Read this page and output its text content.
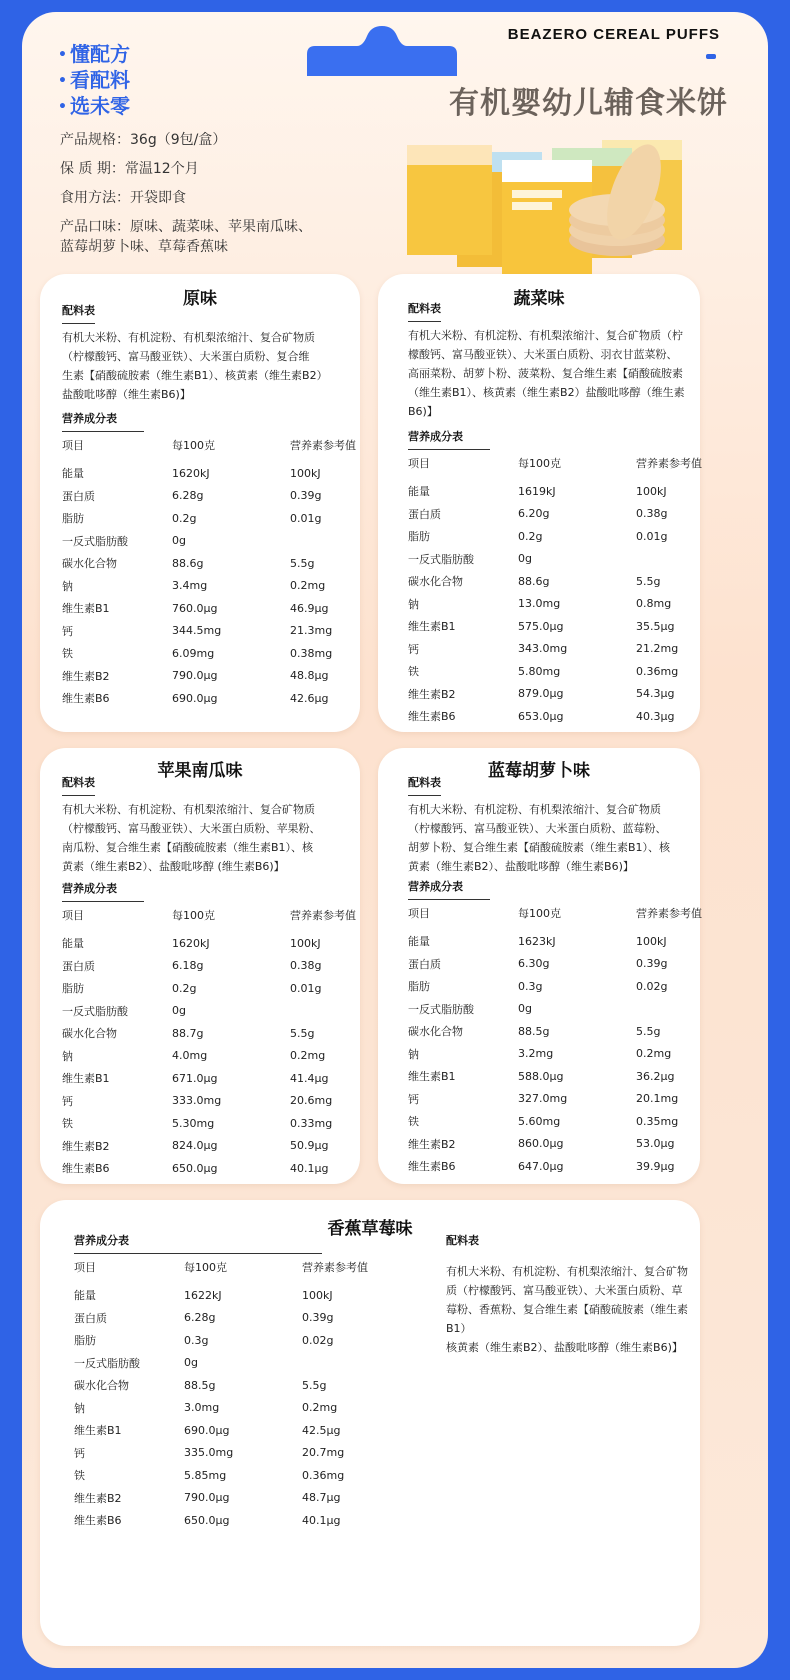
BEAZERO CEREAL PUFFS
• 懂配方
• 看配料
• 选未零	有机婴幼儿辅食米饼
产品规格：36g（9包/盒）
保 质 期：常温12个月
食用方法：开袋即食
产品口味：原味、蔬菜味、苹果南瓜味、
蓝莓胡萝卜味、草莓香蕉味
原味
配料表
有机大米粉、有机淀粉、有机梨浓缩汁、复合矿物质
（柠檬酸钙、富马酸亚铁）、大米蛋白质粉、复合维
生素【硝酸硫胺素（维生素B1）、核黄素（维生素B2）
盐酸吡哆醇（维生素B6)】
营养成分表
项目	每100克	营养素参考值
能量	1620kJ	100kJ
蛋白质	6.28g	0.39g
脂肪	0.2g	0.01g
一反式脂肪酸	0g
碳水化合物	88.6g	5.5g
钠	3.4mg	0.2mg
维生素B1	760.0µg	46.9µg
钙	344.5mg	21.3mg
铁	6.09mg	0.38mg
维生素B2	790.0µg	48.8µg
维生素B6	690.0µg	42.6µg
蔬菜味
配料表
有机大米粉、有机淀粉、有机梨浓缩汁、复合矿物质（柠
檬酸钙、富马酸亚铁）、大米蛋白质粉、羽衣甘蓝菜粉、
高丽菜粉、胡萝卜粉、菠菜粉、复合维生素【硝酸硫胺素
（维生素B1）、核黄素（维生素B2）盐酸吡哆醇（维生素
B6)】
营养成分表
项目	每100克	营养素参考值
能量	1619kJ	100kJ
蛋白质	6.20g	0.38g
脂肪	0.2g	0.01g
一反式脂肪酸	0g
碳水化合物	88.6g	5.5g
钠	13.0mg	0.8mg
维生素B1	575.0µg	35.5µg
钙	343.0mg	21.2mg
铁	5.80mg	0.36mg
维生素B2	879.0µg	54.3µg
维生素B6	653.0µg	40.3µg
苹果南瓜味
配料表
有机大米粉、有机淀粉、有机梨浓缩汁、复合矿物质
（柠檬酸钙、富马酸亚铁）、大米蛋白质粉、苹果粉、
南瓜粉、复合维生素【硝酸硫胺素（维生素B1）、核
黄素（维生素B2）、盐酸吡哆醇 (维生素B6)】
营养成分表
项目	每100克	营养素参考值
能量	1620kJ	100kJ
蛋白质	6.18g	0.38g
脂肪	0.2g	0.01g
一反式脂肪酸	0g
碳水化合物	88.7g	5.5g
钠	4.0mg	0.2mg
维生素B1	671.0µg	41.4µg
钙	333.0mg	20.6mg
铁	5.30mg	0.33mg
维生素B2	824.0µg	50.9µg
维生素B6	650.0µg	40.1µg
蓝莓胡萝卜味
配料表
有机大米粉、有机淀粉、有机梨浓缩汁、复合矿物质
（柠檬酸钙、富马酸亚铁）、大米蛋白质粉、蓝莓粉、
胡萝卜粉、复合维生素【硝酸硫胺素（维生素B1）、核
黄素（维生素B2）、盐酸吡哆醇（维生素B6)】
营养成分表
项目	每100克	营养素参考值
能量	1623kJ	100kJ
蛋白质	6.30g	0.39g
脂肪	0.3g	0.02g
一反式脂肪酸	0g
碳水化合物	88.5g	5.5g
钠	3.2mg	0.2mg
维生素B1	588.0µg	36.2µg
钙	327.0mg	20.1mg
铁	5.60mg	0.35mg
维生素B2	860.0µg	53.0µg
维生素B6	647.0µg	39.9µg
香蕉草莓味
营养成分表
项目	每100克	营养素参考值
能量	1622kJ	100kJ
蛋白质	6.28g	0.39g
脂肪	0.3g	0.02g
一反式脂肪酸	0g
碳水化合物	88.5g	5.5g
钠	3.0mg	0.2mg
维生素B1	690.0µg	42.5µg
钙	335.0mg	20.7mg
铁	5.85mg	0.36mg
维生素B2	790.0µg	48.7µg
维生素B6	650.0µg	40.1µg
配料表
有机大米粉、有机淀粉、有机梨浓缩汁、复合矿物
质（柠檬酸钙、富马酸亚铁）、大米蛋白质粉、草
莓粉、香蕉粉、复合维生素【硝酸硫胺素（维生素B1）
核黄素（维生素B2）、盐酸吡哆醇（维生素B6)】
